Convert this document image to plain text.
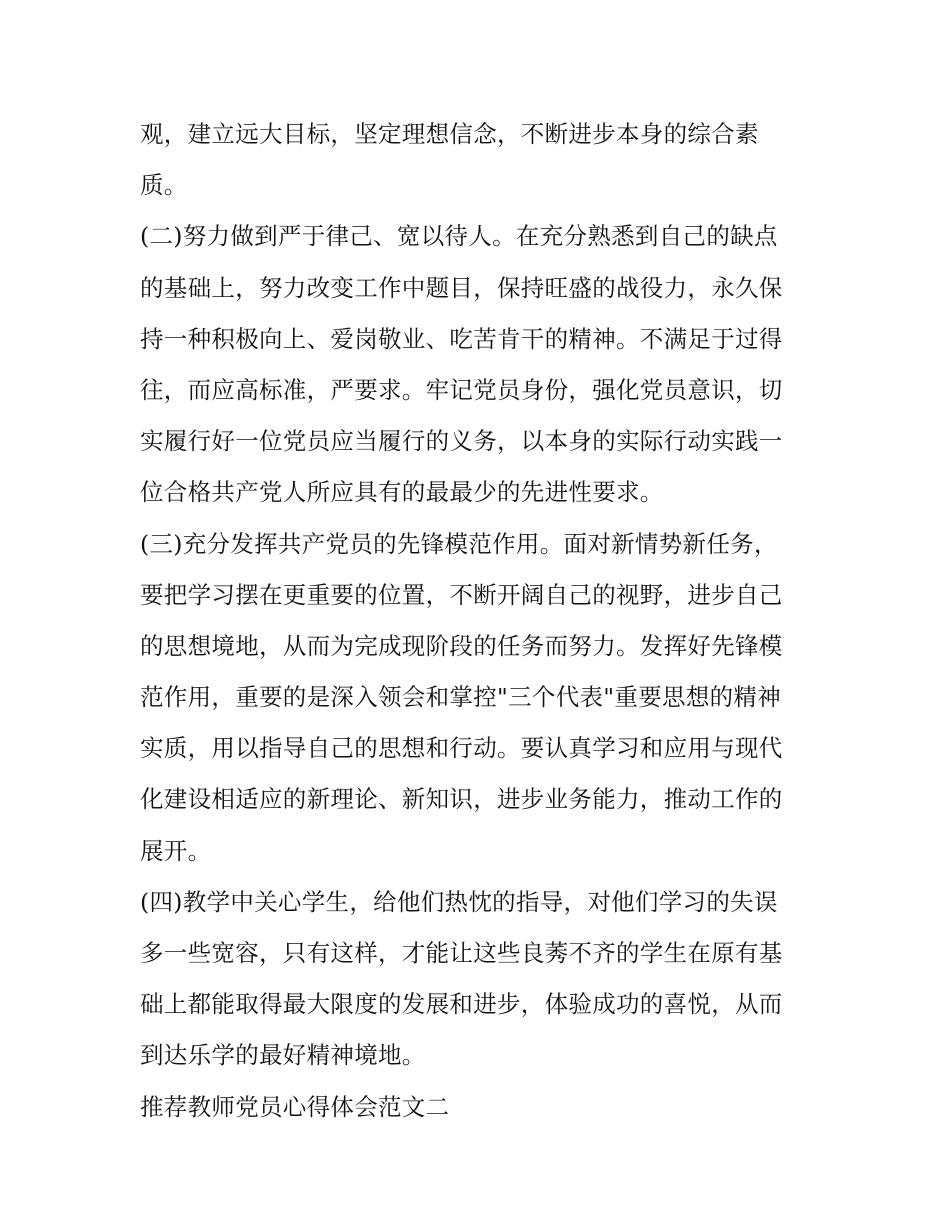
观，建立远大目标，坚定理想信念，不断进步本身的综合素
质。
(二)努力做到严于律己、宽以待人。在充分熟悉到自己的缺点
的基础上，努力改变工作中题目，保持旺盛的战役力，永久保
持一种积极向上、爱岗敬业、吃苦肯干的精神。不满足于过得
往，而应高标准，严要求。牢记党员身份，强化党员意识，切
实履行好一位党员应当履行的义务，以本身的实际行动实践一
位合格共产党人所应具有的最最少的先进性要求。
(三)充分发挥共产党员的先锋模范作用。面对新情势新任务，
要把学习摆在更重要的位置，不断开阔自己的视野，进步自己
的思想境地，从而为完成现阶段的任务而努力。发挥好先锋模
范作用，重要的是深入领会和掌控"三个代表"重要思想的精神
实质，用以指导自己的思想和行动。要认真学习和应用与现代
化建设相适应的新理论、新知识，进步业务能力，推动工作的
展开。
(四)教学中关心学生，给他们热忱的指导，对他们学习的失误
多一些宽容，只有这样，才能让这些良莠不齐的学生在原有基
础上都能取得最大限度的发展和进步，体验成功的喜悦，从而
到达乐学的最好精神境地。
推荐教师党员心得体会范文二
